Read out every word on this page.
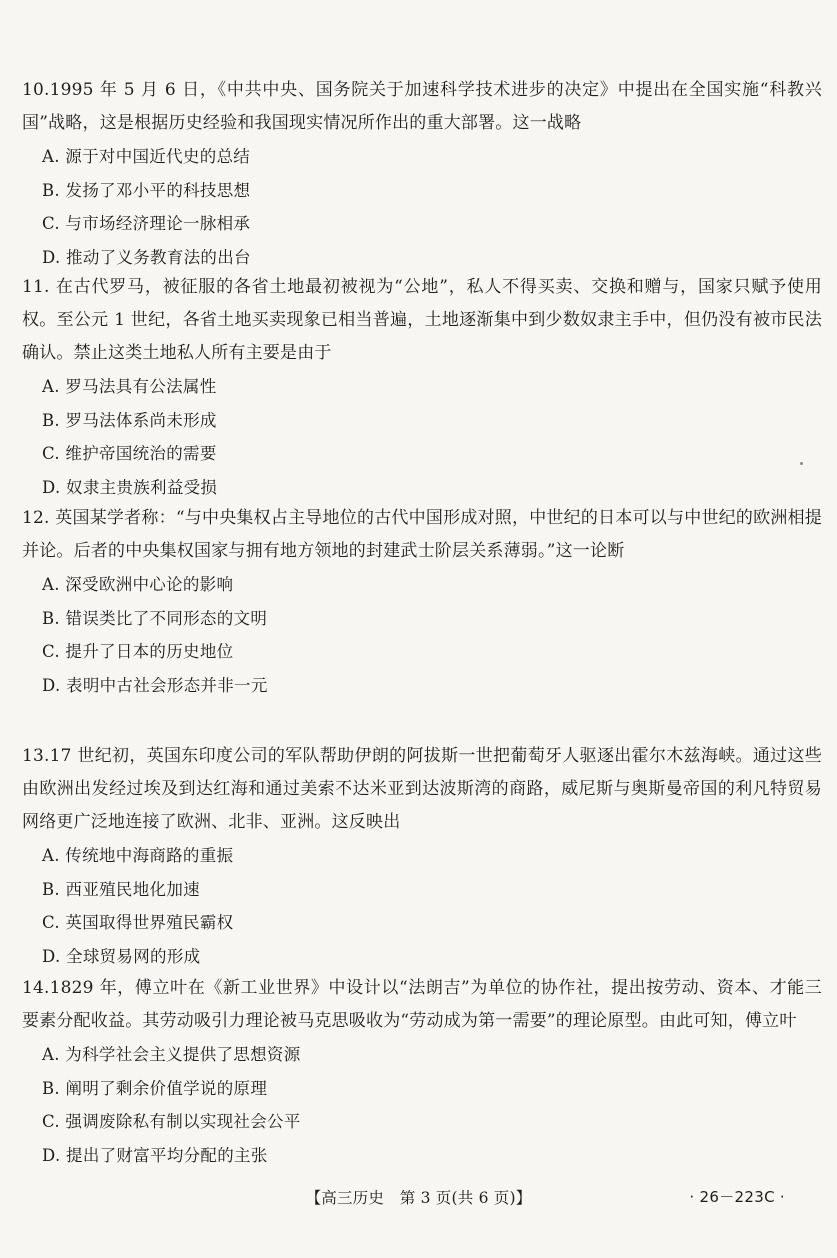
10.1995 年 5 月 6 日，《中共中央、国务院关于加速科学技术进步的决定》中提出在全国实施“科教兴国”战略，这是根据历史经验和我国现实情况所作出的重大部署。这一战略

A. 源于对中国近代史的总结

B. 发扬了邓小平的科技思想

C. 与市场经济理论一脉相承

D. 推动了义务教育法的出台

11. 在古代罗马，被征服的各省土地最初被视为“公地”，私人不得买卖、交换和赠与，国家只赋予使用权。至公元 1 世纪，各省土地买卖现象已相当普遍，土地逐渐集中到少数奴隶主手中，但仍没有被市民法确认。禁止这类土地私人所有主要是由于

A. 罗马法具有公法属性

B. 罗马法体系尚未形成

C. 维护帝国统治的需要

D. 奴隶主贵族利益受损

12. 英国某学者称：“与中央集权占主导地位的古代中国形成对照，中世纪的日本可以与中世纪的欧洲相提并论。后者的中央集权国家与拥有地方领地的封建武士阶层关系薄弱。”这一论断

A. 深受欧洲中心论的影响

B. 错误类比了不同形态的文明

C. 提升了日本的历史地位

D. 表明中古社会形态并非一元

13.17 世纪初，英国东印度公司的军队帮助伊朗的阿拔斯一世把葡萄牙人驱逐出霍尔木兹海峡。通过这些由欧洲出发经过埃及到达红海和通过美索不达米亚到达波斯湾的商路，威尼斯与奥斯曼帝国的利凡特贸易网络更广泛地连接了欧洲、北非、亚洲。这反映出

A. 传统地中海商路的重振

B. 西亚殖民地化加速

C. 英国取得世界殖民霸权

D. 全球贸易网的形成

14.1829 年，傅立叶在《新工业世界》中设计以“法朗吉”为单位的协作社，提出按劳动、资本、才能三要素分配收益。其劳动吸引力理论被马克思吸收为“劳动成为第一需要”的理论原型。由此可知，傅立叶

A. 为科学社会主义提供了思想资源

B. 阐明了剩余价值学说的原理

C. 强调废除私有制以实现社会公平

D. 提出了财富平均分配的主张

【高三历史　第 3 页(共 6 页)】	· 26－223C ·
